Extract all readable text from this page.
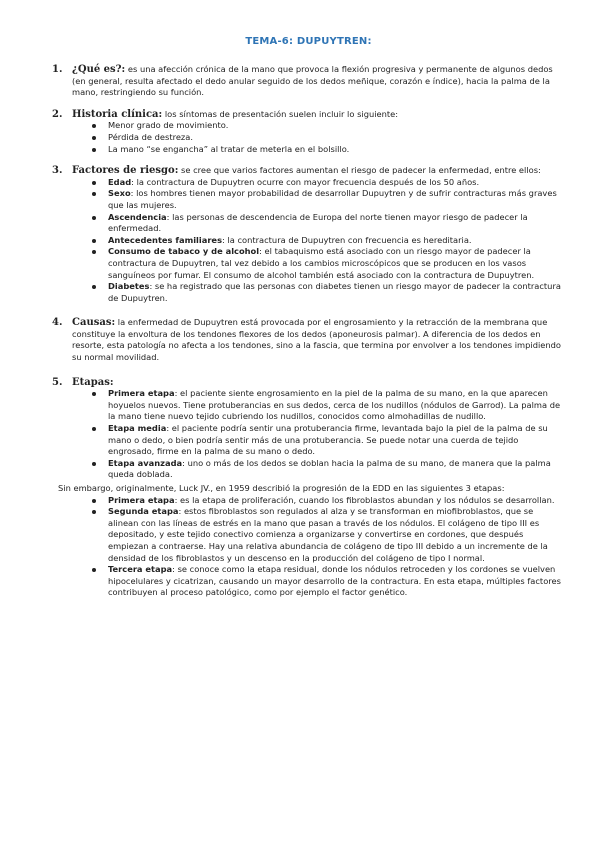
TEMA-6: DUPUYTREN:
1. ¿Qué es?: es una afección crónica de la mano que provoca la flexión progresiva y permanente de algunos dedos (en general, resulta afectado el dedo anular seguido de los dedos meñique, corazón e índice), hacia la palma de la mano, restringiendo su función.
2. Historia clínica: los síntomas de presentación suelen incluir lo siguiente:
Menor grado de movimiento.
Pérdida de destreza.
La mano “se engancha” al tratar de meterla en el bolsillo.
3. Factores de riesgo: se cree que varios factores aumentan el riesgo de padecer la enfermedad, entre ellos:
Edad: la contractura de Dupuytren ocurre con mayor frecuencia después de los 50 años.
Sexo: los hombres tienen mayor probabilidad de desarrollar Dupuytren y de sufrir contracturas más graves que las mujeres.
Ascendencia: las personas de descendencia de Europa del norte tienen mayor riesgo de padecer la enfermedad.
Antecedentes familiares: la contractura de Dupuytren con frecuencia es hereditaria.
Consumo de tabaco y de alcohol: el tabaquismo está asociado con un riesgo mayor de padecer la contractura de Dupuytren, tal vez debido a los cambios microscópicos que se producen en los vasos sanguíneos por fumar. El consumo de alcohol también está asociado con la contractura de Dupuytren.
Diabetes: se ha registrado que las personas con diabetes tienen un riesgo mayor de padecer la contractura de Dupuytren.
4. Causas: la enfermedad de Dupuytren está provocada por el engrosamiento y la retracción de la membrana que constituye la envoltura de los tendones flexores de los dedos (aponeurosis palmar). A diferencia de los dedos en resorte, esta patología no afecta a los tendones, sino a la fascia, que termina por envolver a los tendones impidiendo su normal movilidad.
5. Etapas:
Primera etapa: el paciente siente engrosamiento en la piel de la palma de su mano, en la que aparecen hoyuelos nuevos. Tiene protuberancias en sus dedos, cerca de los nudillos (nódulos de Garrod). La palma de la mano tiene nuevo tejido cubriendo los nudillos, conocidos como almohadillas de nudillo.
Etapa media: el paciente podría sentir una protuberancia firme, levantada bajo la piel de la palma de su mano o dedo, o bien podría sentir más de una protuberancia. Se puede notar una cuerda de tejido engrosado, firme en la palma de su mano o dedo.
Etapa avanzada: uno o más de los dedos se doblan hacia la palma de su mano, de manera que la palma queda doblada.
Sin embargo, originalmente, Luck JV., en 1959 describió la progresión de la EDD en las siguientes 3 etapas:
Primera etapa: es la etapa de proliferación, cuando los fibroblastos abundan y los nódulos se desarrollan.
Segunda etapa: estos fibroblastos son regulados al alza y se transforman en miofibroblastos, que se alinean con las líneas de estrés en la mano que pasan a través de los nódulos. El colágeno de tipo III es depositado, y este tejido conectivo comienza a organizarse y convertirse en cordones, que después empiezan a contraerse. Hay una relativa abundancia de colágeno de tipo III debido a un incremente de la densidad de los fibroblastos y un descenso en la producción del colágeno de tipo I normal.
Tercera etapa: se conoce como la etapa residual, donde los nódulos retroceden y los cordones se vuelven hipocelulares y cicatrizan, causando un mayor desarrollo de la contractura. En esta etapa, múltiples factores contribuyen al proceso patológico, como por ejemplo el factor genético.
